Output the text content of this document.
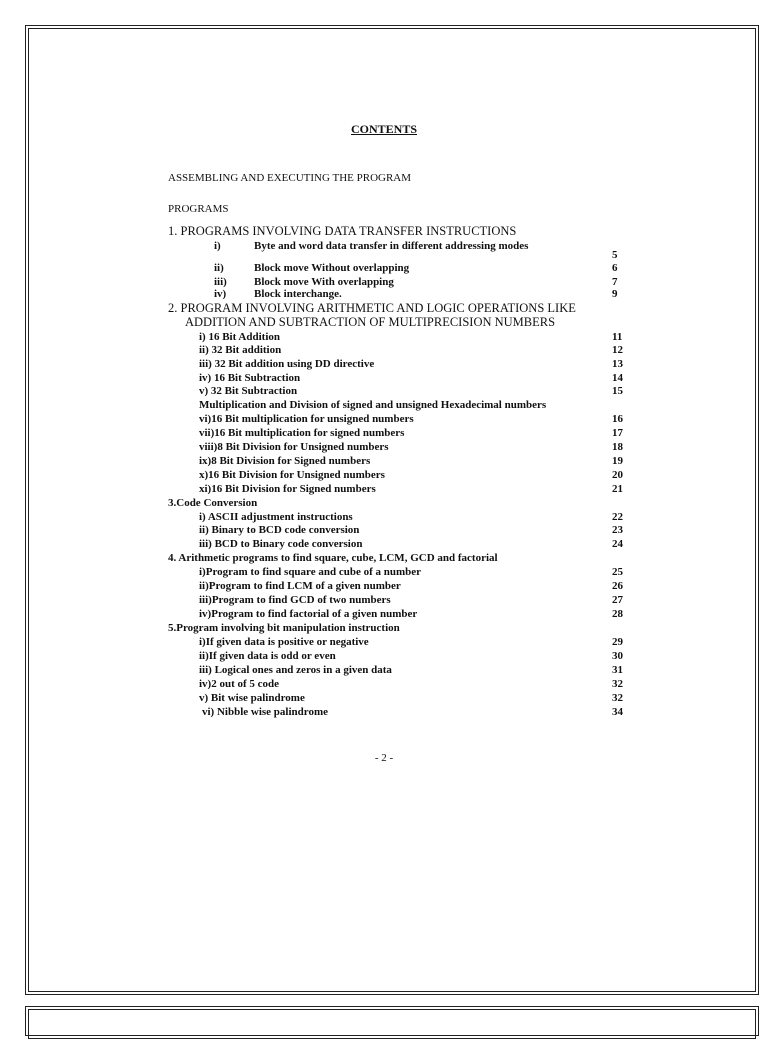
CONTENTS
ASSEMBLING AND EXECUTING THE PROGRAM
PROGRAMS
1. PROGRAMS INVOLVING DATA TRANSFER INSTRUCTIONS
i)	Byte and word data transfer in different addressing modes
5
ii)	Block move Without overlapping	6
iii) Block move With overlapping	7
iv)	Block interchange.	9
2. PROGRAM INVOLVING ARITHMETIC AND LOGIC OPERATIONS LIKE
ADDITION AND SUBTRACTION OF MULTIPRECISION NUMBERS
i) 16 Bit Addition	11
ii) 32 Bit addition	12
iii) 32 Bit addition using DD directive	13
iv) 16 Bit Subtraction	14
v) 32 Bit Subtraction	15
Multiplication and Division of signed and unsigned Hexadecimal numbers
vi)16 Bit multiplication for unsigned numbers	16
vii)16 Bit multiplication for signed numbers	17
viii)8 Bit Division for Unsigned numbers	18
ix)8 Bit Division for Signed numbers	19
x)16 Bit Division for Unsigned numbers	20
xi)16 Bit Division for Signed numbers	21
3.Code Conversion
i) ASCII adjustment instructions	22
ii) Binary to BCD code conversion	23
iii) BCD to Binary code conversion	24
4. Arithmetic programs to find square, cube, LCM, GCD and factorial
i)Program to find square and cube of a number	25
ii)Program to find LCM of a given number	26
iii)Program to find GCD of two numbers	27
iv)Program to find factorial of a given number	28
5.Program involving bit manipulation instruction
i)If given data is positive or negative	29
ii)If given data is odd or even	30
iii) Logical ones and zeros in a given data	31
iv)2 out of 5 code	32
v) Bit wise palindrome	32
vi) Nibble wise palindrome	34
- 2 -
